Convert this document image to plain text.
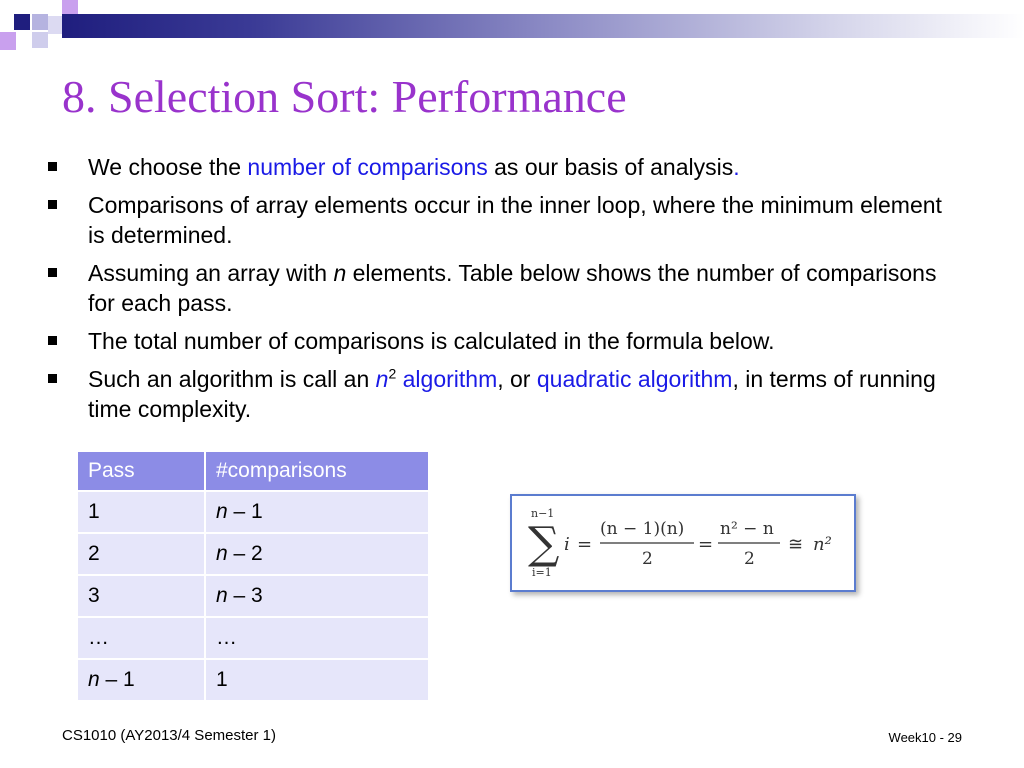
8. Selection Sort: Performance
We choose the number of comparisons as our basis of analysis.
Comparisons of array elements occur in the inner loop, where the minimum element is determined.
Assuming an array with n elements. Table below shows the number of comparisons for each pass.
The total number of comparisons is calculated in the formula below.
Such an algorithm is call an $n^2$ algorithm, or quadratic algorithm, in terms of running time complexity.
Pass	#comparisons
1	n – 1
2	n – 2
3	n – 3
…	…
n – 1	1
n−1
∑
i=1
i =
(n − 1)(n)
2
=
n² − n
2
≅ n²
CS1010 (AY2013/4 Semester 1)	Week10 - 29
